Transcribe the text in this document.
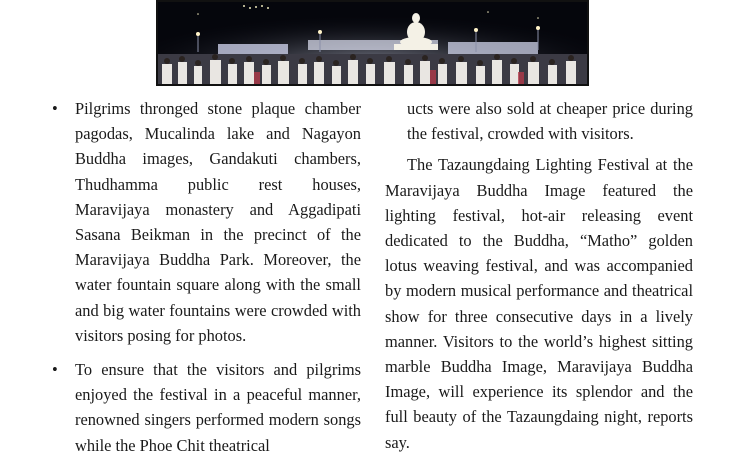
• Pilgrims thronged stone plaque chamber pagodas, Mucalinda lake and Nagayon Buddha images, Gandakuti chambers, Thudhamma public rest houses, Maravijaya monastery and Aggadipati Sasana Beikman in the precinct of the Maravijaya Buddha Park. Moreover, the water fountain square along with the small and big water fountains were crowded with visitors posing for photos.

• To ensure that the visitors and pilgrims enjoyed the festival in a peaceful manner, renowned singers performed modern songs while the Phoe Chit theatrical

ucts were also sold at cheaper price during the festival, crowded with visitors.

The Tazaungdaing Lighting Festival at the Maravijaya Buddha Image featured the lighting festival, hot-air releasing event dedicated to the Buddha, “Matho” golden lotus weaving festival, and was accompanied by modern musical performance and theatrical show for three consecutive days in a lively manner. Visitors to the world’s highest sitting marble Buddha Image, Maravijaya Buddha Image, will experience its splendor and the full beauty of the Tazaungdaing night, reports say.
